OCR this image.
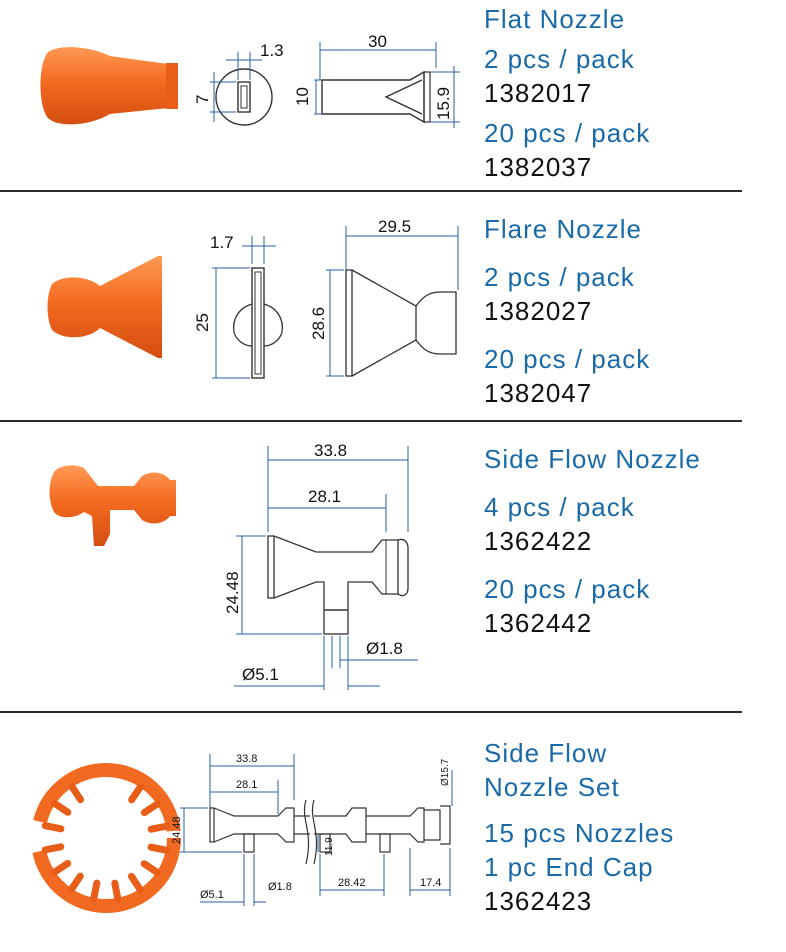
1.3
7
30
10	15.9
Flat Nozzle
2 pcs / pack
1382017
20 pcs / pack
1382037
1.7
25
29.5
28.6
Flare Nozzle
2 pcs / pack
1382027
20 pcs / pack
1382047
33.8
28.1
24.48
Ø1.8
Ø5.1
Side Flow Nozzle
4 pcs / pack
1362422
20 pcs / pack
1362442
33.8
28.1	Ø15.7
24.48
11.9
Ø5.1
Ø1.8	28.42	17.4
Side Flow
Nozzle Set
15 pcs Nozzles
1 pc End Cap
1362423
